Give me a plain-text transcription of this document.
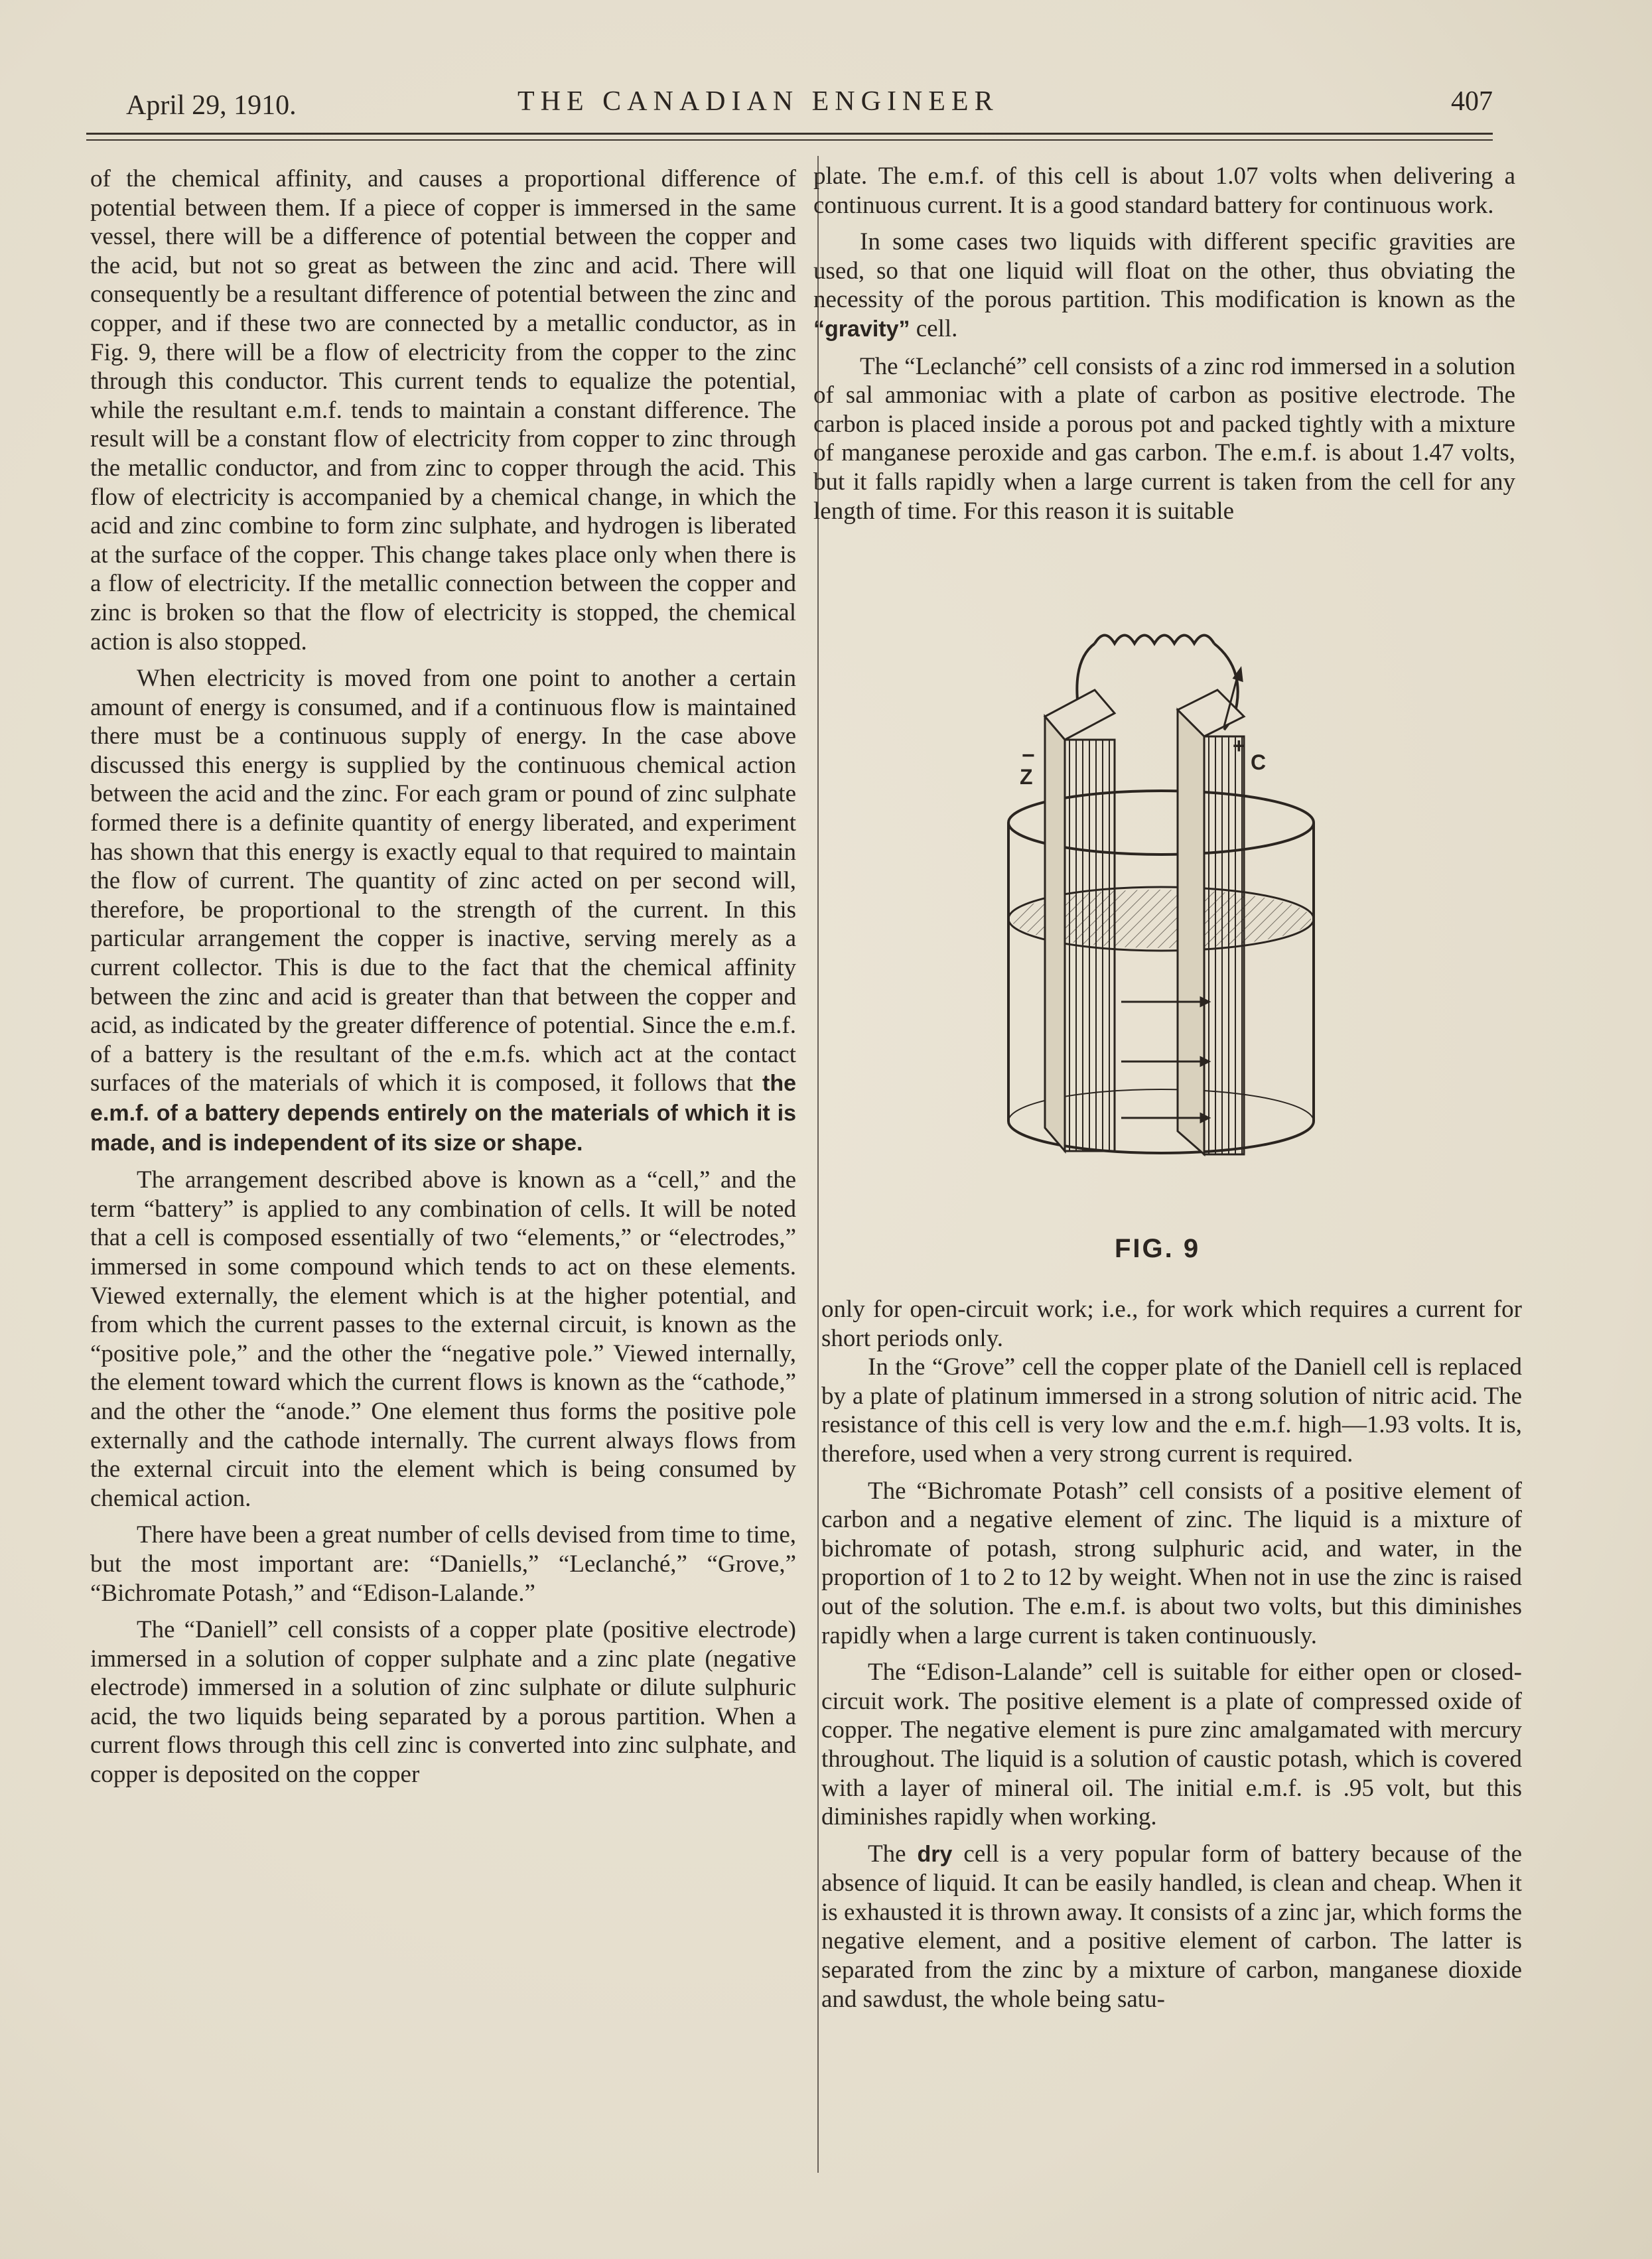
April 29, 1910.	THE CANADIAN ENGINEER	407

of the chemical affinity, and causes a proportional difference of potential between them. If a piece of copper is immersed in the same vessel, there will be a difference of potential between the copper and the acid, but not so great as between the zinc and acid. There will consequently be a resultant difference of potential between the zinc and copper, and if these two are connected by a metallic conductor, as in Fig. 9, there will be a flow of electricity from the copper to the zinc through this conductor. This current tends to equalize the potential, while the resultant e.m.f. tends to maintain a constant difference. The result will be a constant flow of electricity from copper to zinc through the metallic conductor, and from zinc to copper through the acid. This flow of electricity is accompanied by a chemical change, in which the acid and zinc combine to form zinc sulphate, and hydrogen is liberated at the surface of the copper. This change takes place only when there is a flow of electricity. If the metallic connection between the copper and zinc is broken so that the flow of electricity is stopped, the chemical action is also stopped.

When electricity is moved from one point to another a certain amount of energy is consumed, and if a continuous flow is maintained there must be a continuous supply of energy. In the case above discussed this energy is supplied by the continuous chemical action between the acid and the zinc. For each gram or pound of zinc sulphate formed there is a definite quantity of energy liberated, and experiment has shown that this energy is exactly equal to that required to maintain the flow of current. The quantity of zinc acted on per second will, therefore, be proportional to the strength of the current. In this particular arrangement the copper is inactive, serving merely as a current collector. This is due to the fact that the chemical affinity between the zinc and acid is greater than that between the copper and acid, as indicated by the greater difference of potential. Since the e.m.f. of a battery is the resultant of the e.m.fs. which act at the contact surfaces of the materials of which it is composed, it follows that the e.m.f. of a battery depends entirely on the materials of which it is made, and is independent of its size or shape.

The arrangement described above is known as a “cell,” and the term “battery” is applied to any combination of cells. It will be noted that a cell is composed essentially of two “elements,” or “electrodes,” immersed in some compound which tends to act on these elements. Viewed externally, the element which is at the higher potential, and from which the current passes to the external circuit, is known as the “positive pole,” and the other the “negative pole.” Viewed internally, the element toward which the current flows is known as the “cathode,” and the other the “anode.” One element thus forms the positive pole externally and the cathode internally. The current always flows from the external circuit into the element which is being consumed by chemical action.

There have been a great number of cells devised from time to time, but the most important are: “Daniells,” “Leclanché,” “Grove,” “Bichromate Potash,” and “Edison-Lalande.”

The “Daniell” cell consists of a copper plate (positive electrode) immersed in a solution of copper sulphate and a zinc plate (negative electrode) immersed in a solution of zinc sulphate or dilute sulphuric acid, the two liquids being separated by a porous partition. When a current flows through this cell zinc is converted into zinc sulphate, and copper is deposited on the copper

plate. The e.m.f. of this cell is about 1.07 volts when delivering a continuous current. It is a good standard battery for continuous work.

In some cases two liquids with different specific gravities are used, so that one liquid will float on the other, thus obviating the necessity of the porous partition. This modification is known as the “gravity” cell.

The “Leclanché” cell consists of a zinc rod immersed in a solution of sal ammoniac with a plate of carbon as positive electrode. The carbon is placed inside a porous pot and packed tightly with a mixture of manganese peroxide and gas carbon. The e.m.f. is about 1.47 volts, but it falls rapidly when a large current is taken from the cell for any length of time. For this reason it is suitable

−
Z
+
C
FIG. 9

only for open-circuit work; i.e., for work which requires a current for short periods only.

In the “Grove” cell the copper plate of the Daniell cell is replaced by a plate of platinum immersed in a strong solution of nitric acid. The resistance of this cell is very low and the e.m.f. high—1.93 volts. It is, therefore, used when a very strong current is required.

The “Bichromate Potash” cell consists of a positive element of carbon and a negative element of zinc. The liquid is a mixture of bichromate of potash, strong sulphuric acid, and water, in the proportion of 1 to 2 to 12 by weight. When not in use the zinc is raised out of the solution. The e.m.f. is about two volts, but this diminishes rapidly when a large current is taken continuously.

The “Edison-Lalande” cell is suitable for either open or closed-circuit work. The positive element is a plate of compressed oxide of copper. The negative element is pure zinc amalgamated with mercury throughout. The liquid is a solution of caustic potash, which is covered with a layer of mineral oil. The initial e.m.f. is .95 volt, but this diminishes rapidly when working.

The dry cell is a very popular form of battery because of the absence of liquid. It can be easily handled, is clean and cheap. When it is exhausted it is thrown away. It consists of a zinc jar, which forms the negative element, and a positive element of carbon. The latter is separated from the zinc by a mixture of carbon, manganese dioxide and sawdust, the whole being satu-
